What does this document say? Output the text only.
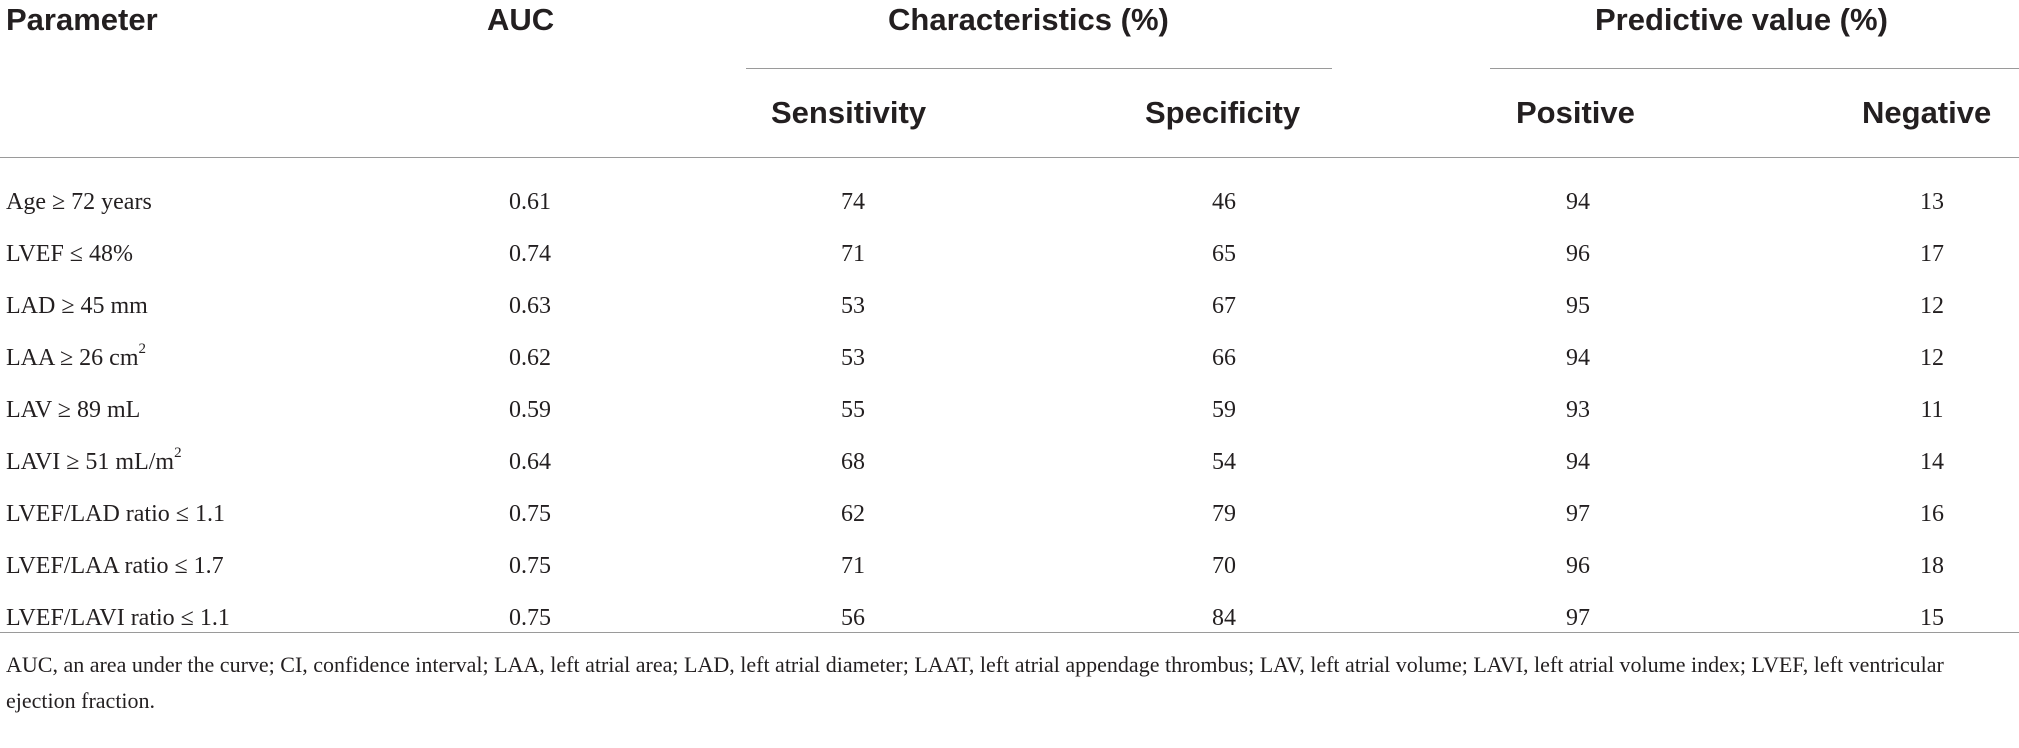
Parameter	AUC	Characteristics (%)	Predictive value (%)
Sensitivity	Specificity	Positive	Negative
Age ≥ 72 years	0.61	74	46	94	13
LVEF ≤ 48%	0.74	71	65	96	17
LAD ≥ 45 mm	0.63	53	67	95	12
LAA ≥ 26 $cm^2$	0.62	53	66	94	12
LAV ≥ 89 mL	0.59	55	59	93	11
LAVI ≥ 51 $mL/m^2$	0.64	68	54	94	14
LVEF/LAD ratio ≤ 1.1	0.75	62	79	97	16
LVEF/LAA ratio ≤ 1.7	0.75	71	70	96	18
LVEF/LAVI ratio ≤ 1.1	0.75	56	84	97	15
AUC, an area under the curve; CI, confidence interval; LAA, left atrial area; LAD, left atrial diameter; LAAT, left atrial appendage thrombus; LAV, left atrial volume; LAVI, left atrial volume index; LVEF, left ventricular ejection fraction.
